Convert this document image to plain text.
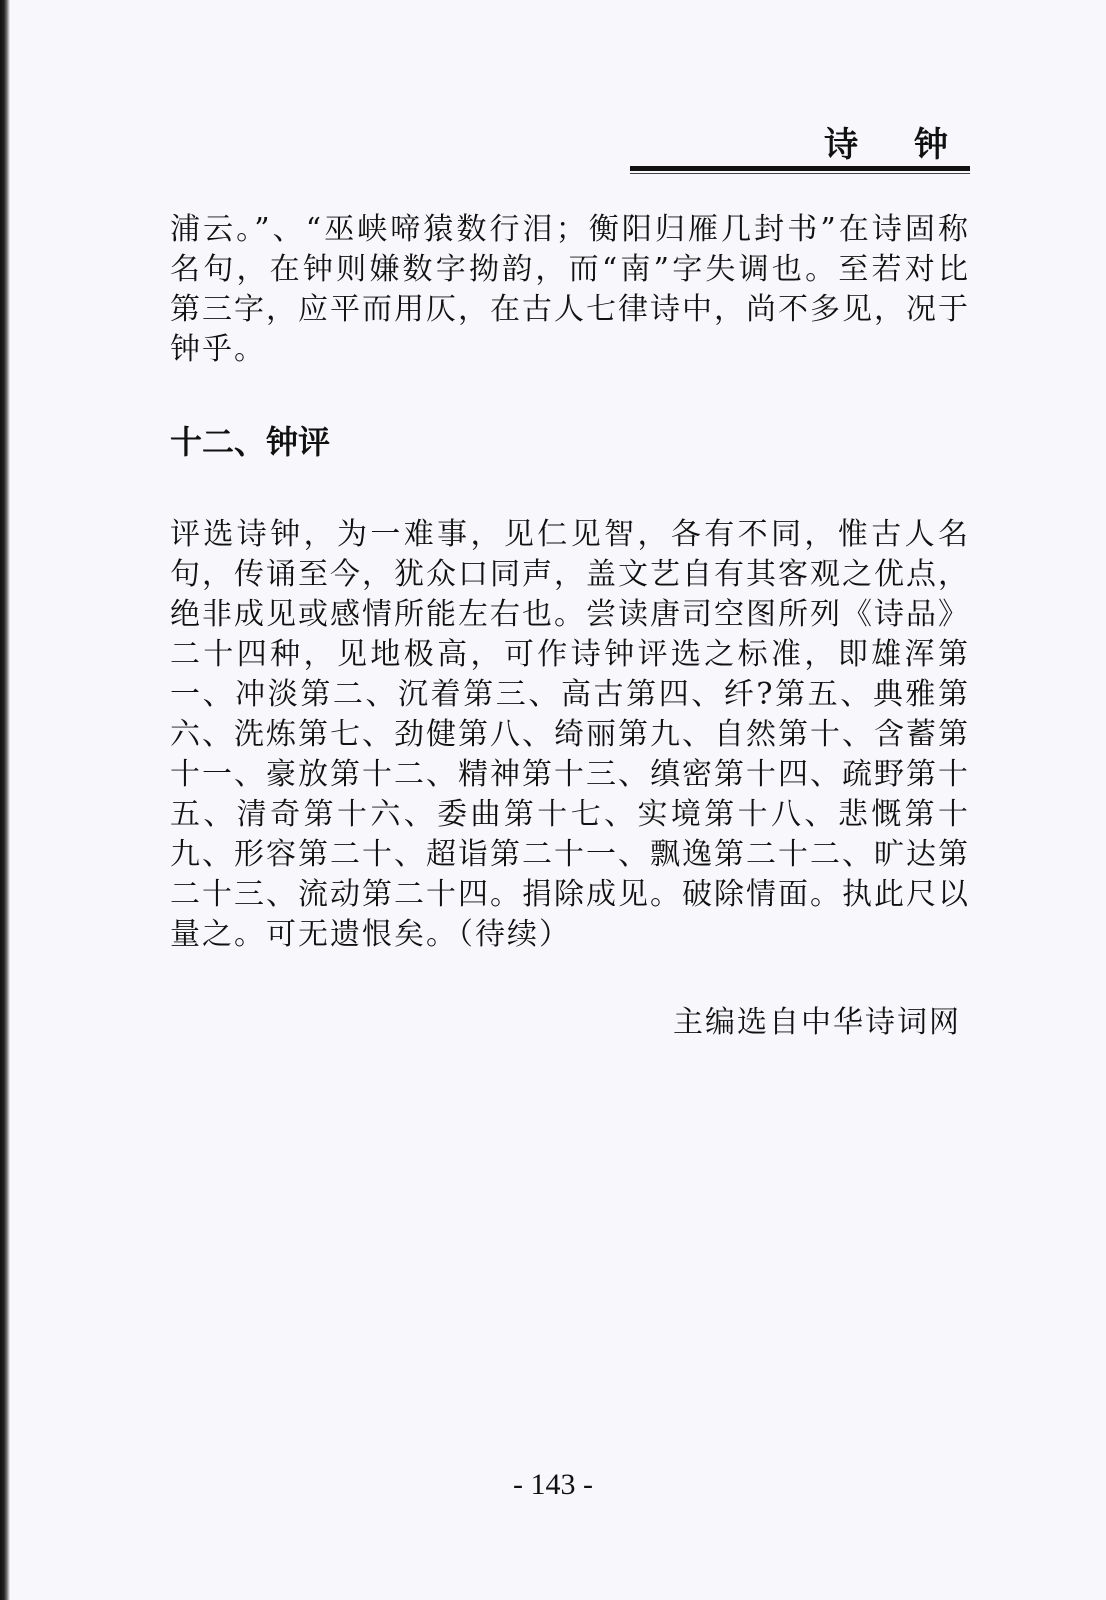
诗 钟
浦云。”、“巫峡啼猿数行泪；衡阳归雁几封书”在诗固称名句，在钟则嫌数字拗韵，而“南”字失调也。至若对比第三字，应平而用仄，在古人七律诗中，尚不多见，况于钟乎。
十二、钟评
评选诗钟，为一难事，见仁见智，各有不同，惟古人名句，传诵至今，犹众口同声，盖文艺自有其客观之优点，绝非成见或感情所能左右也。尝读唐司空图所列《诗品》二十四种，见地极高，可作诗钟评选之标准，即雄浑第一、冲淡第二、沉着第三、高古第四、纤?第五、典雅第六、洗炼第七、劲健第八、绮丽第九、自然第十、含蓄第十一、豪放第十二、精神第十三、缜密第十四、疏野第十五、清奇第十六、委曲第十七、实境第十八、悲慨第十九、形容第二十、超诣第二十一、飘逸第二十二、旷达第二十三、流动第二十四。捐除成见。破除情面。执此尺以量之。可无遗恨矣。（待续）
主编选自中华诗词网
- 143 -
